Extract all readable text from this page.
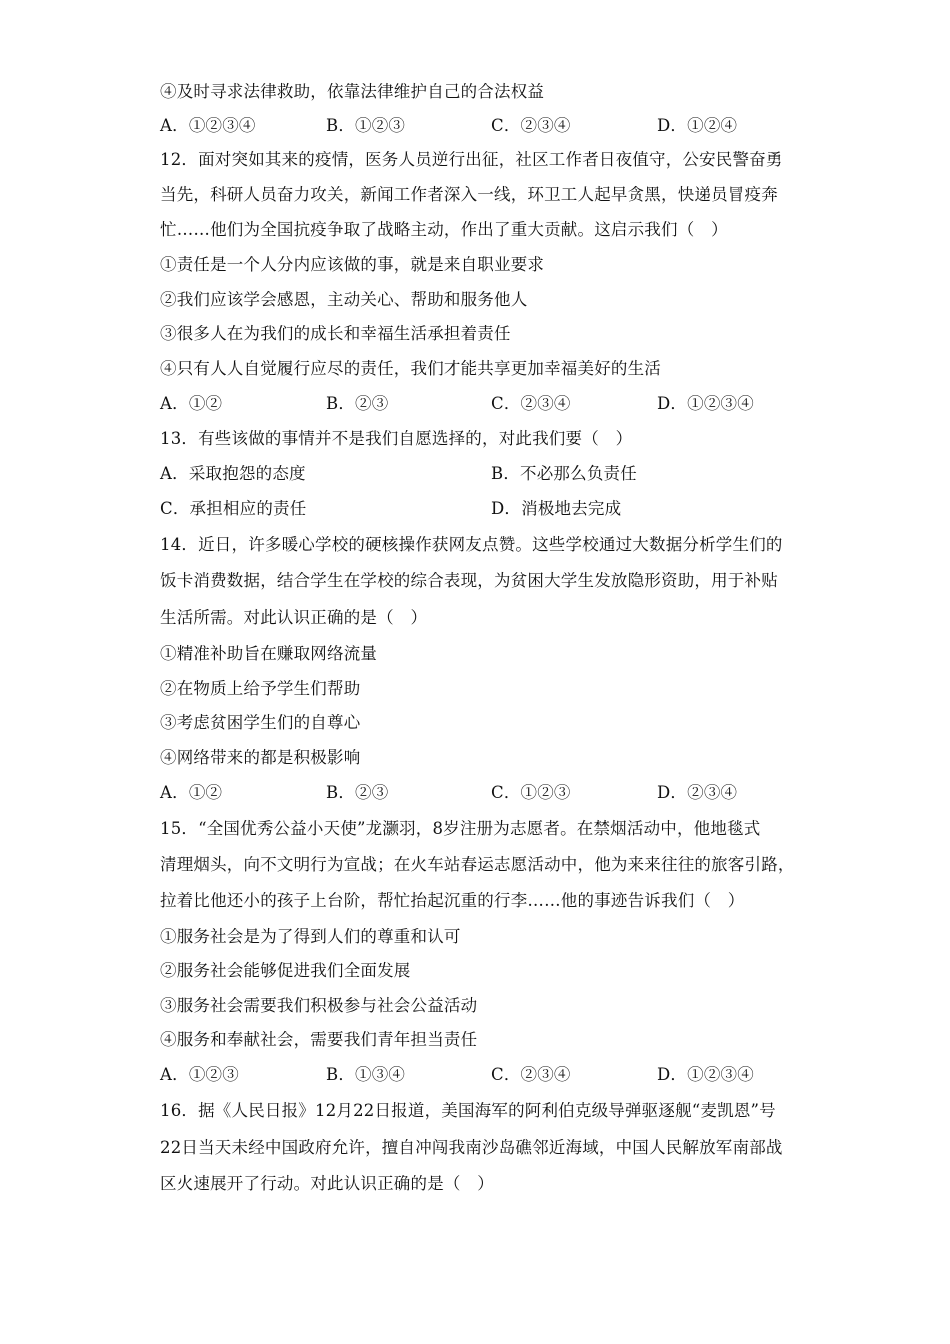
④及时寻求法律救助，依靠法律维护自己的合法权益
A．①②③④	B．①②③	C．②③④	D．①②④
12．面对突如其来的疫情，医务人员逆行出征，社区工作者日夜值守，公安民警奋勇
当先，科研人员奋力攻关，新闻工作者深入一线，环卫工人起早贪黑，快递员冒疫奔
忙……他们为全国抗疫争取了战略主动，作出了重大贡献。这启示我们（　）
①责任是一个人分内应该做的事，就是来自职业要求
②我们应该学会感恩，主动关心、帮助和服务他人
③很多人在为我们的成长和幸福生活承担着责任
④只有人人自觉履行应尽的责任，我们才能共享更加幸福美好的生活
A．①②	B．②③	C．②③④	D．①②③④
13．有些该做的事情并不是我们自愿选择的，对此我们要（　）
A．采取抱怨的态度	B．不必那么负责任
C．承担相应的责任	D．消极地去完成
14．近日，许多暖心学校的硬核操作获网友点赞。这些学校通过大数据分析学生们的
饭卡消费数据，结合学生在学校的综合表现，为贫困大学生发放隐形资助，用于补贴
生活所需。对此认识正确的是（　）
①精准补助旨在赚取网络流量
②在物质上给予学生们帮助
③考虑贫困学生们的自尊心
④网络带来的都是积极影响
A．①②	B．②③	C．①②③	D．②③④
15．“全国优秀公益小天使”龙灏羽，8岁注册为志愿者。在禁烟活动中，他地毯式
清理烟头，向不文明行为宣战；在火车站春运志愿活动中，他为来来往往的旅客引路，
拉着比他还小的孩子上台阶，帮忙抬起沉重的行李……他的事迹告诉我们（　）
①服务社会是为了得到人们的尊重和认可
②服务社会能够促进我们全面发展
③服务社会需要我们积极参与社会公益活动
④服务和奉献社会，需要我们青年担当责任
A．①②③	B．①③④	C．②③④	D．①②③④
16．据《人民日报》12月22日报道，美国海军的阿利伯克级导弹驱逐舰“麦凯恩”号
22日当天未经中国政府允许，擅自冲闯我南沙岛礁邻近海域，中国人民解放军南部战
区火速展开了行动。对此认识正确的是（　）
